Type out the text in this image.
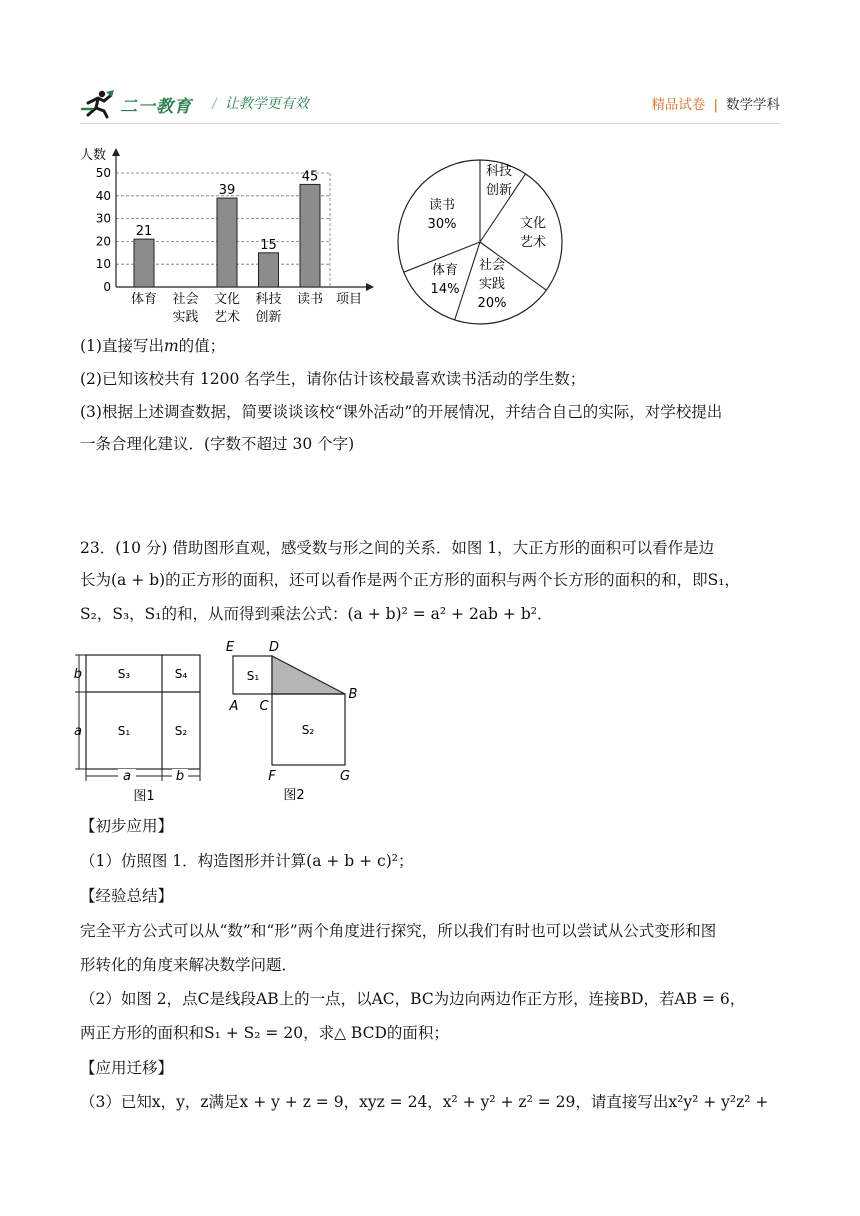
二一教育 / 让教学更有效	精品试卷 | 数学学科
0
10
20
30
40
50
人数
项目
21
体育 社会
实践
39
文化
艺术
15
科技
创新
45
读书
科技
创新
文化
艺术
社会
实践
20%
体育
14%
读书
30%
(1)直接写出m的值；
(2)已知该校共有 1200 名学生，请你估计该校最喜欢读书活动的学生数；
(3)根据上述调查数据，简要谈谈该校“课外活动”的开展情况，并结合自己的实际，对学校提出
一条合理化建议．(字数不超过 30 个字)
23．(10 分) 借助图形直观，感受数与形之间的关系．如图 1，大正方形的面积可以看作是边
长为(a + b)的正方形的面积，还可以看作是两个正方形的面积与两个长方形的面积的和，即S₁，
S₂，S₃，S₁的和，从而得到乘法公式：(a + b)² = a² + 2ab + b²．
S₃	S₄
S₁	S₂
b
a
a	b
图1
E	D
A C
B
F	G
S₁
S₂
图2
【初步应用】
（1）仿照图 1．构造图形并计算(a + b + c)²；
【经验总结】
完全平方公式可以从“数”和“形”两个角度进行探究，所以我们有时也可以尝试从公式变形和图
形转化的角度来解决数学问题．
（2）如图 2，点C是线段AB上的一点，以AC，BC为边向两边作正方形，连接BD，若AB = 6，
两正方形的面积和S₁ + S₂ = 20，求△ BCD的面积；
【应用迁移】
（3）已知x，y，z满足x + y + z = 9，xyz = 24，x² + y² + z² = 29，请直接写出x²y² + y²z² +
